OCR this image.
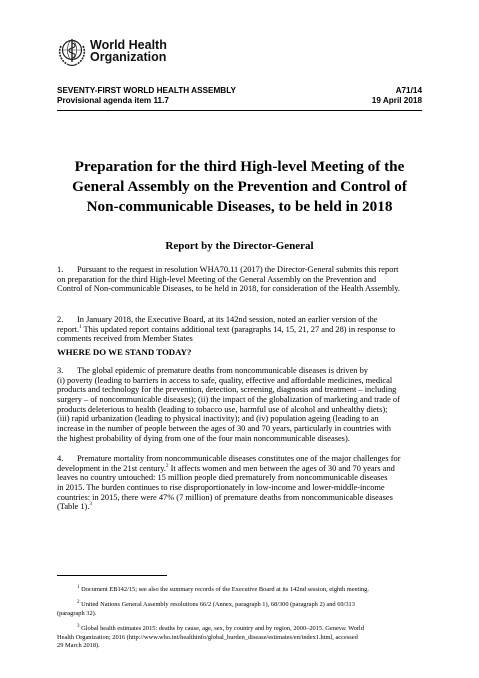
World Health
Organization
SEVENTY-FIRST WORLD HEALTH ASSEMBLY
Provisional agenda item 11.7
A71/14
19 April 2018
Preparation for the third High-level Meeting of the
General Assembly on the Prevention and Control of
Non-communicable Diseases, to be held in 2018
Report by the Director-General
1. Pursuant to the request in resolution WHA70.11 (2017) the Director-General submits this report
on preparation for the third High-level Meeting of the General Assembly on the Prevention and
Control of Non-communicable Diseases, to be held in 2018, for consideration of the Health Assembly.
2. In January 2018, the Executive Board, at its 142nd session, noted an earlier version of the
report.$^1$ This updated report contains additional text (paragraphs 14, 15, 21, 27 and 28) in response to
comments received from Member States
WHERE DO WE STAND TODAY?
3. The global epidemic of premature deaths from noncommunicable diseases is driven by
(i) poverty (leading to barriers in access to safe, quality, effective and affordable medicines, medical
products and technology for the prevention, detection, screening, diagnosis and treatment – including
surgery – of noncommunicable diseases); (ii) the impact of the globalization of marketing and trade of
products deleterious to health (leading to tobacco use, harmful use of alcohol and unhealthy diets);
(iii) rapid urbanization (leading to physical inactivity); and (iv) population ageing (leading to an
increase in the number of people between the ages of 30 and 70 years, particularly in countries with
the highest probability of dying from one of the four main noncommunicable diseases).
4. Premature mortality from noncommunicable diseases constitutes one of the major challenges for
development in the 21st century.$^2$ It affects women and men between the ages of 30 and 70 years and
leaves no country untouched: 15 million people died prematurely from noncommunicable diseases
in 2015. The burden continues to rise disproportionately in low-income and lower-middle-income
countries: in 2015, there were 47% (7 million) of premature deaths from noncommunicable diseases
(Table 1).$^3$
$^1$ Document EB142/15; see also the summary records of the Executive Board at its 142nd session, eighth meeting.
$^2$ United Nations General Assembly resolutions 66/2 (Annex, paragraph 1), 68/300 (paragraph 2) and 69/313
(paragraph 32).
$^3$ Global health estimates 2015: deaths by cause, age, sex, by country and by region, 2000–2015. Geneva: World
Health Organization; 2016 (http://www.who.int/healthinfo/global_burden_disease/estimates/en/index1.html, accessed
29 March 2018).
